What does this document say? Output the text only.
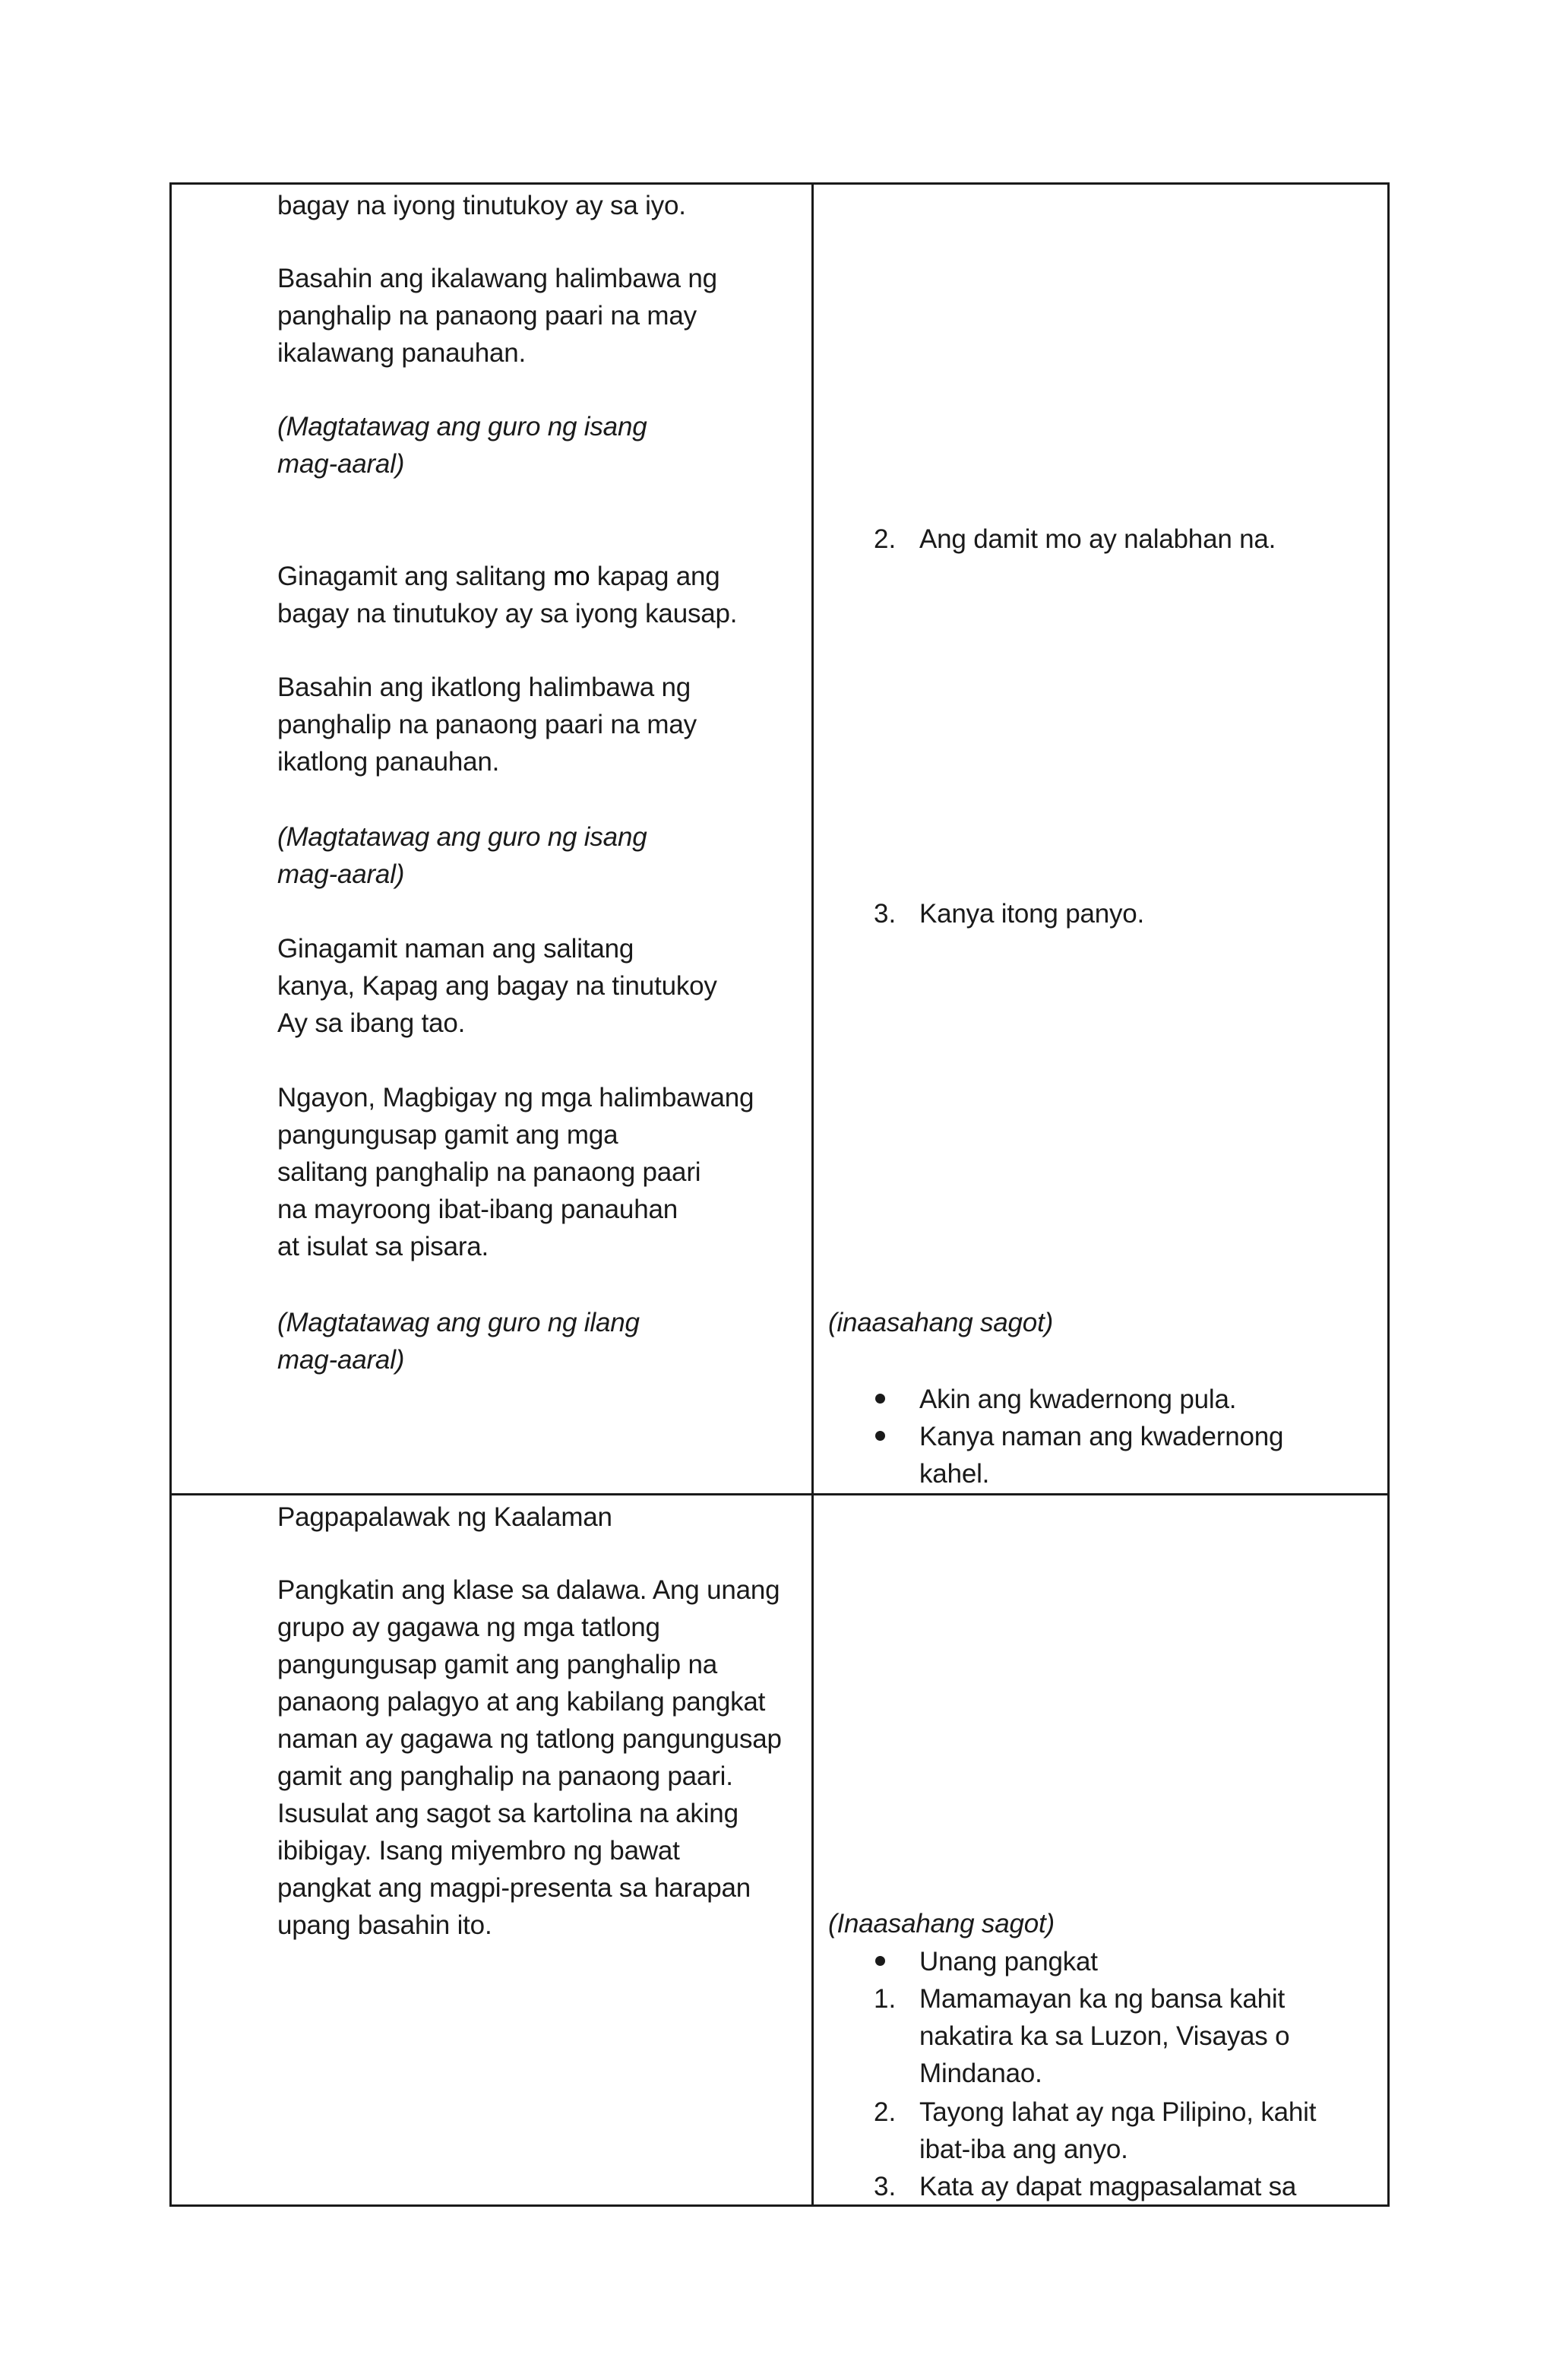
bagay na iyong tinutukoy ay sa iyo.
Basahin ang ikalawang halimbawa ng
panghalip na panaong paari na may
ikalawang panauhan.
(Magtatawag ang guro ng isang
mag-aaral)
Ginagamit ang salitang mo kapag ang
bagay na tinutukoy ay sa iyong kausap.
Basahin ang ikatlong halimbawa ng
panghalip na panaong paari na may
ikatlong panauhan.
(Magtatawag ang guro ng isang
mag-aaral)
Ginagamit naman ang salitang
kanya, Kapag ang bagay na tinutukoy
Ay sa ibang tao.
Ngayon, Magbigay ng mga halimbawang
pangungusap gamit ang mga
salitang panghalip na panaong paari
na mayroong ibat-ibang panauhan
at isulat sa pisara.
(Magtatawag ang guro ng ilang
mag-aaral)
2. Ang damit mo ay nalabhan na.
3. Kanya itong panyo.
(inaasahang sagot)
Akin ang kwadernong pula.
Kanya naman ang kwadernong
kahel.
Pagpapalawak ng Kaalaman
Pangkatin ang klase sa dalawa. Ang unang
grupo ay gagawa ng mga tatlong
pangungusap gamit ang panghalip na
panaong palagyo at ang kabilang pangkat
naman ay gagawa ng tatlong pangungusap
gamit ang panghalip na panaong paari.
Isusulat ang sagot sa kartolina na aking
ibibigay. Isang miyembro ng bawat
pangkat ang magpi-presenta sa harapan
upang basahin ito.	(Inaasahang sagot)
Unang pangkat
1. Mamamayan ka ng bansa kahit
nakatira ka sa Luzon, Visayas o
Mindanao.
2. Tayong lahat ay nga Pilipino, kahit
ibat-iba ang anyo.
3. Kata ay dapat magpasalamat sa
